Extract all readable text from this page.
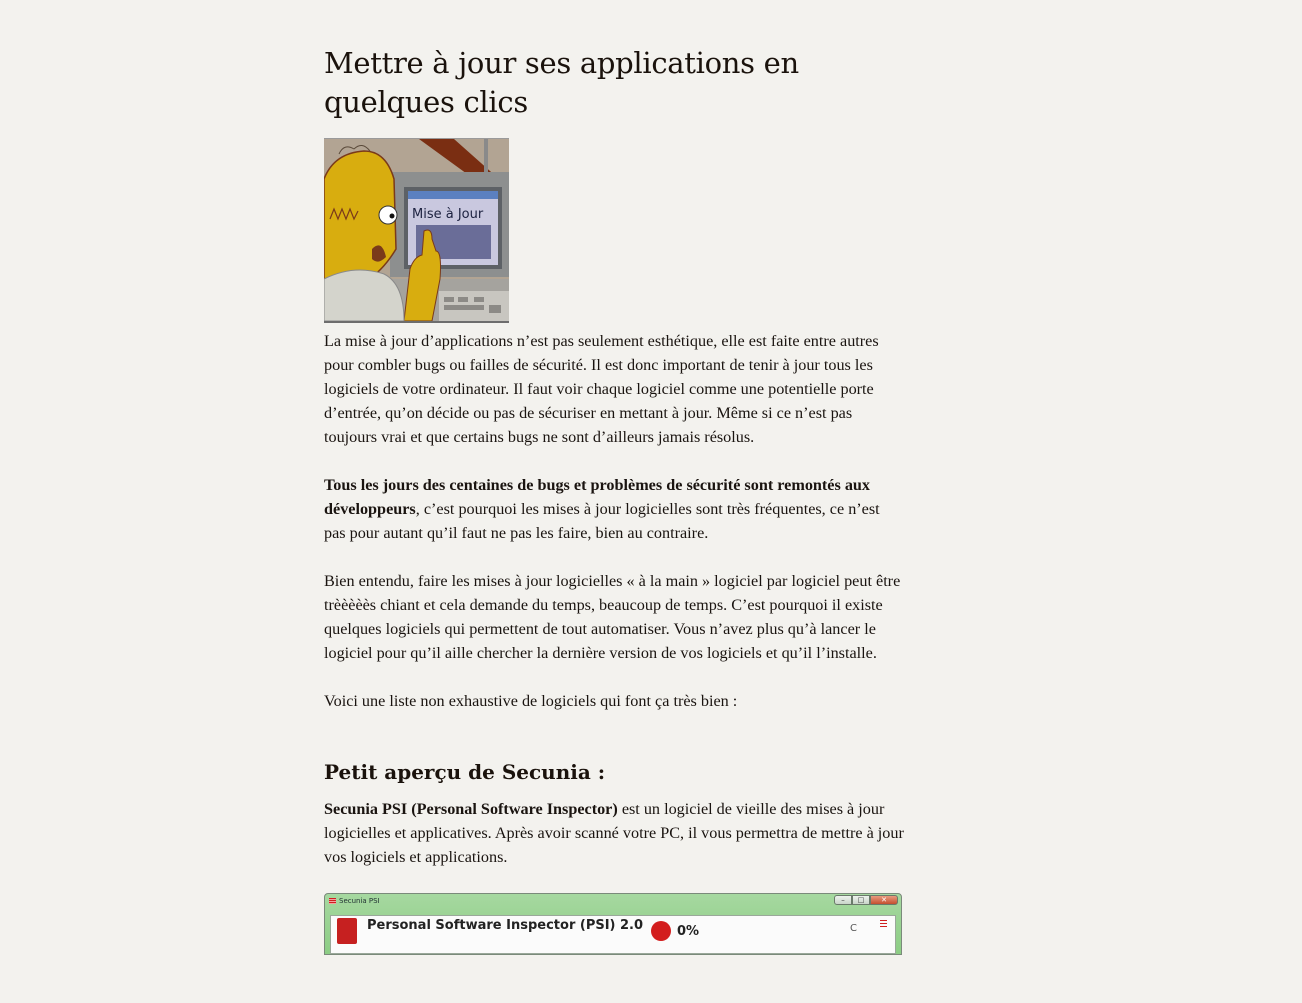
Mettre à jour ses applications en quelques clics
Mise à Jour

La mise à jour d’applications n’est pas seulement esthétique, elle est faite entre autres pour combler bugs ou failles de sécurité. Il est donc important de tenir à jour tous les logiciels de votre ordinateur. Il faut voir chaque logiciel comme une potentielle porte d’entrée, qu’on décide ou pas de sécuriser en mettant à jour. Même si ce n’est pas toujours vrai et que certains bugs ne sont d’ailleurs jamais résolus.

Tous les jours des centaines de bugs et problèmes de sécurité sont remontés aux développeurs, c’est pourquoi les mises à jour logicielles sont très fréquentes, ce n’est pas pour autant qu’il faut ne pas les faire, bien au contraire.

Bien entendu, faire les mises à jour logicielles « à la main » logiciel par logiciel peut être trèèèèès chiant et cela demande du temps, beaucoup de temps. C’est pourquoi il existe quelques logiciels qui permettent de tout automatiser. Vous n’avez plus qu’à lancer le logiciel pour qu’il aille chercher la dernière version de vos logiciels et qu’il l’installe.

Voici une liste non exhaustive de logiciels qui font ça très bien :

Petit aperçu de Secunia :

Secunia PSI (Personal Software Inspector) est un logiciel de vieille des mises à jour logicielles et applicatives. Après avoir scanné votre PC, il vous permettra de mettre à jour vos logiciels et applications.

Secunia PSI	–	□	✕
Personal Software Inspector (PSI) 2.0	0%	C
